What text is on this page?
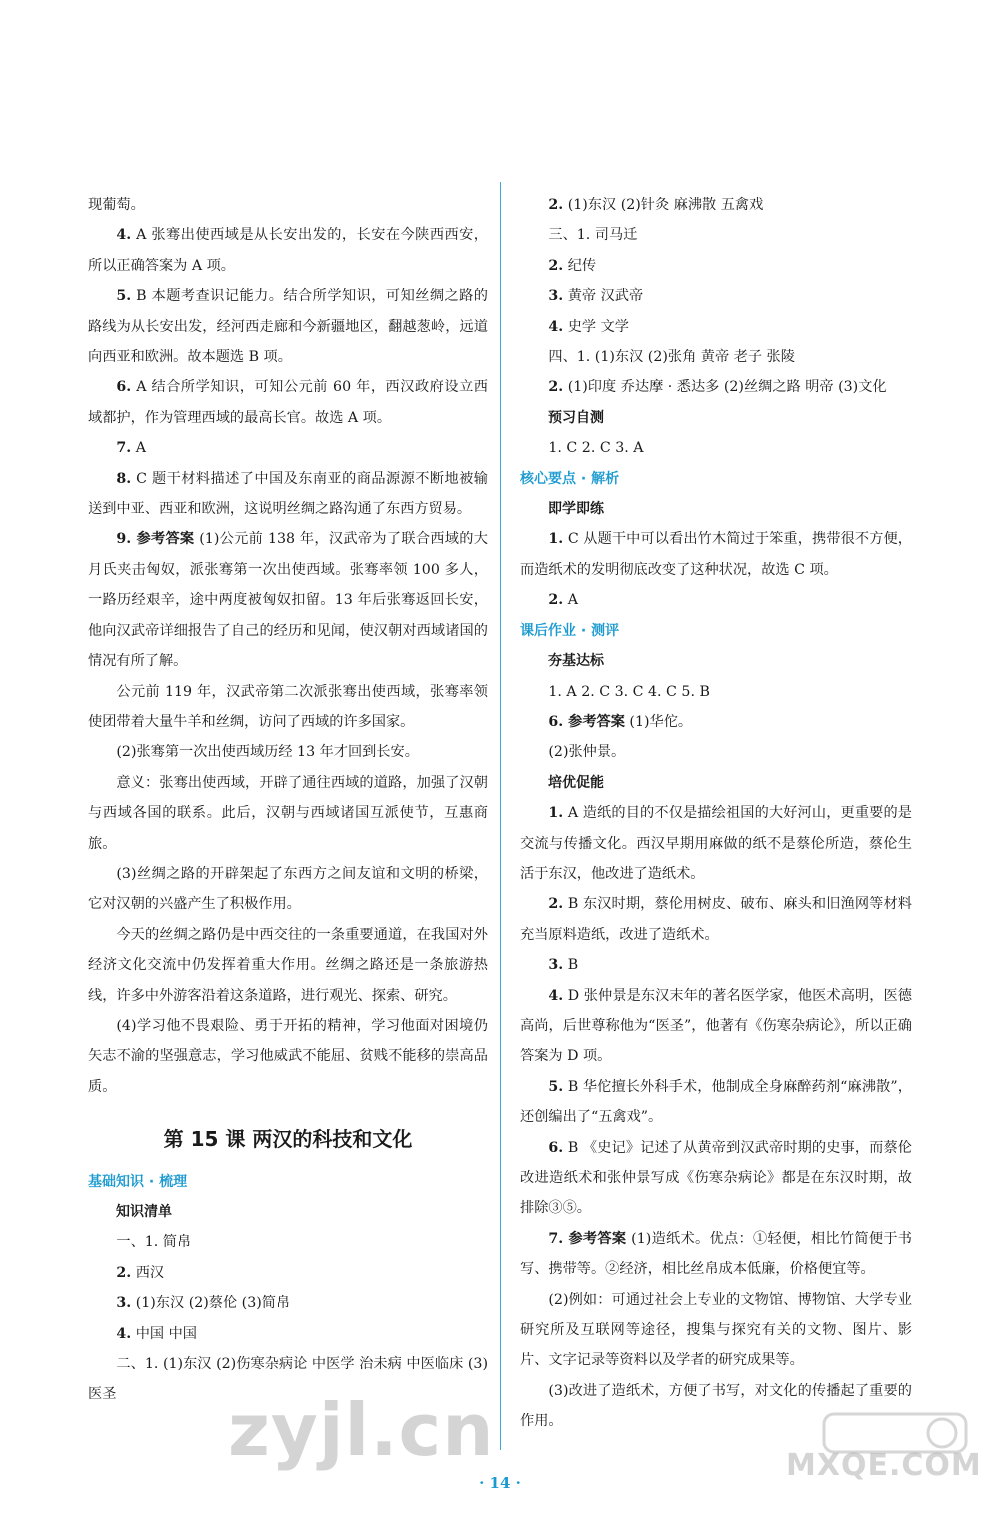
现葡萄。

4. A 张骞出使西域是从长安出发的，长安在今陕西西安，所以正确答案为 A 项。

5. B 本题考查识记能力。结合所学知识，可知丝绸之路的路线为从长安出发，经河西走廊和今新疆地区，翻越葱岭，远道向西亚和欧洲。故本题选 B 项。

6. A 结合所学知识，可知公元前 60 年，西汉政府设立西域都护，作为管理西域的最高长官。故选 A 项。

7. A

8. C 题干材料描述了中国及东南亚的商品源源不断地被输送到中亚、西亚和欧洲，这说明丝绸之路沟通了东西方贸易。

9. 参考答案 (1)公元前 138 年，汉武帝为了联合西域的大月氏夹击匈奴，派张骞第一次出使西域。张骞率领 100 多人，一路历经艰辛，途中两度被匈奴扣留。13 年后张骞返回长安，他向汉武帝详细报告了自己的经历和见闻，使汉朝对西域诸国的情况有所了解。

公元前 119 年，汉武帝第二次派张骞出使西域，张骞率领使团带着大量牛羊和丝绸，访问了西域的许多国家。

(2)张骞第一次出使西域历经 13 年才回到长安。

意义：张骞出使西域，开辟了通往西域的道路，加强了汉朝与西域各国的联系。此后，汉朝与西域诸国互派使节，互惠商旅。

(3)丝绸之路的开辟架起了东西方之间友谊和文明的桥梁，它对汉朝的兴盛产生了积极作用。

今天的丝绸之路仍是中西交往的一条重要通道，在我国对外经济文化交流中仍发挥着重大作用。丝绸之路还是一条旅游热线，许多中外游客沿着这条道路，进行观光、探索、研究。

(4)学习他不畏艰险、勇于开拓的精神，学习他面对困境仍矢志不渝的坚强意志，学习他威武不能屈、贫贱不能移的崇高品质。

第 15 课 两汉的科技和文化
基础知识 · 梳理
知识清单

一、1. 简帛

2. 西汉

3. (1)东汉 (2)蔡伦 (3)简帛

4. 中国 中国

二、1. (1)东汉 (2)伤寒杂病论 中医学 治未病 中医临床 (3)医圣

2. (1)东汉 (2)针灸 麻沸散 五禽戏

三、1. 司马迁

2. 纪传

3. 黄帝 汉武帝

4. 史学 文学

四、1. (1)东汉 (2)张角 黄帝 老子 张陵

2. (1)印度 乔达摩 · 悉达多 (2)丝绸之路 明帝 (3)文化

预习自测

1. C 2. C 3. A

核心要点 · 解析
即学即练

1. C 从题干中可以看出竹木简过于笨重，携带很不方便，而造纸术的发明彻底改变了这种状况，故选 C 项。

2. A

课后作业 · 测评
夯基达标

1. A 2. C 3. C 4. C 5. B

6. 参考答案 (1)华佗。

(2)张仲景。

培优促能

1. A 造纸的目的不仅是描绘祖国的大好河山，更重要的是交流与传播文化。西汉早期用麻做的纸不是蔡伦所造，蔡伦生活于东汉，他改进了造纸术。

2. B 东汉时期，蔡伦用树皮、破布、麻头和旧渔网等材料充当原料造纸，改进了造纸术。

3. B

4. D 张仲景是东汉末年的著名医学家，他医术高明，医德高尚，后世尊称他为“医圣”，他著有《伤寒杂病论》，所以正确答案为 D 项。

5. B 华佗擅长外科手术，他制成全身麻醉药剂“麻沸散”，还创编出了“五禽戏”。

6. B 《史记》记述了从黄帝到汉武帝时期的史事，而蔡伦改进造纸术和张仲景写成《伤寒杂病论》都是在东汉时期，故排除③⑤。

7. 参考答案 (1)造纸术。优点：①轻便，相比竹简便于书写、携带等。②经济，相比丝帛成本低廉，价格便宜等。

(2)例如：可通过社会上专业的文物馆、博物馆、大学专业研究所及互联网等途径，搜集与探究有关的文物、图片、影片、文字记录等资料以及学者的研究成果等。

(3)改进了造纸术，方便了书写，对文化的传播起了重要的作用。

· 14 ·
zyjl.cn	MXQE.COM
